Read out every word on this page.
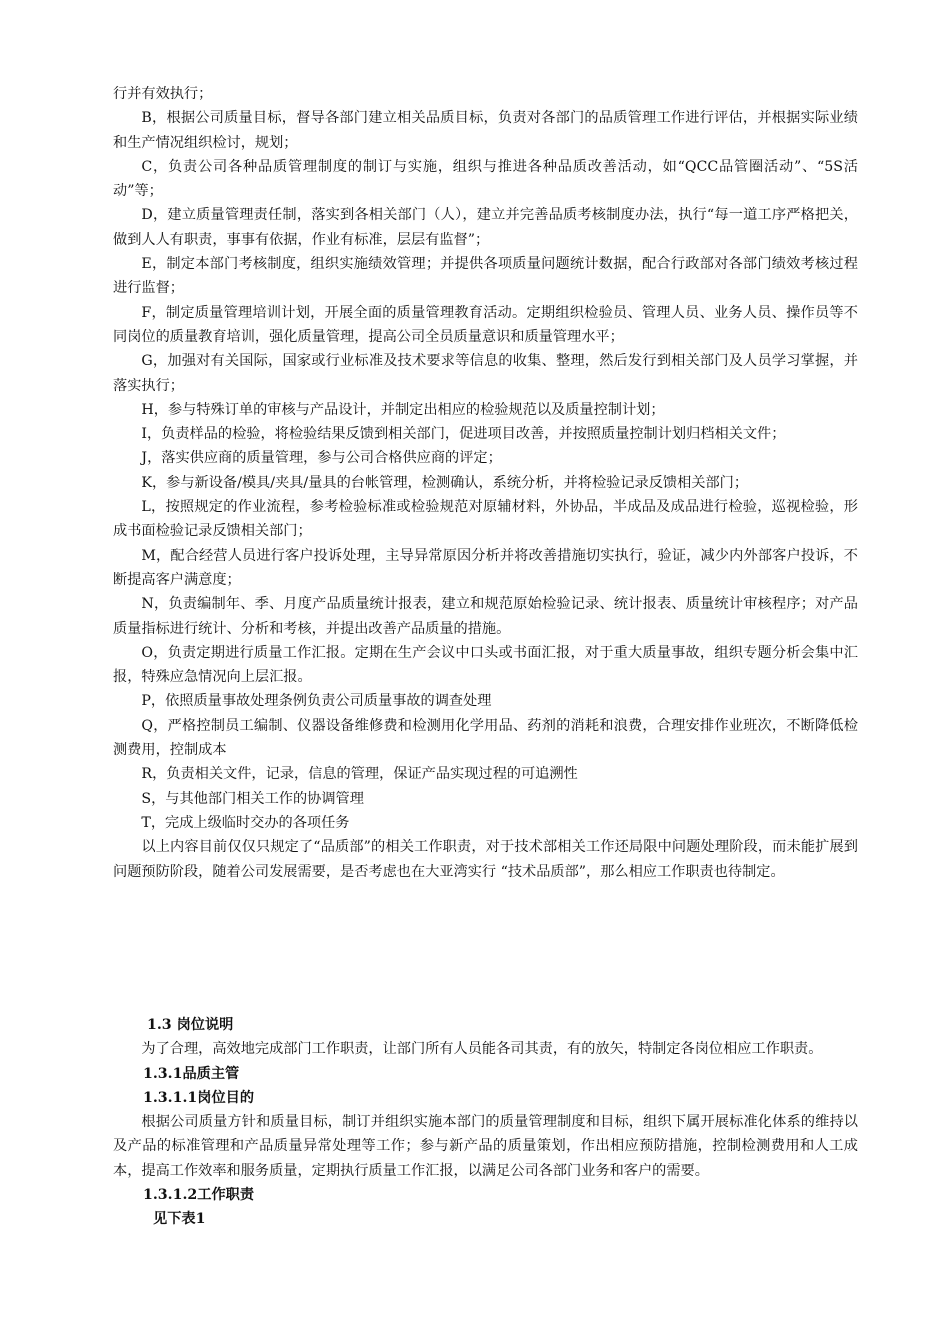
行并有效执行；

B，根据公司质量目标，督导各部门建立相关品质目标，负责对各部门的品质管理工作进行评估，并根据实际业绩和生产情况组织检讨，规划；

C，负责公司各种品质管理制度的制订与实施，组织与推进各种品质改善活动，如“QCC品管圈活动”、“5S活动”等；

D，建立质量管理责任制，落实到各相关部门（人），建立并完善品质考核制度办法，执行“每一道工序严格把关，做到人人有职责，事事有依据，作业有标准，层层有监督”；

E，制定本部门考核制度，组织实施绩效管理；并提供各项质量问题统计数据，配合行政部对各部门绩效考核过程进行监督；

F，制定质量管理培训计划，开展全面的质量管理教育活动。定期组织检验员、管理人员、业务人员、操作员等不同岗位的质量教育培训，强化质量管理，提高公司全员质量意识和质量管理水平；

G，加强对有关国际，国家或行业标准及技术要求等信息的收集、整理，然后发行到相关部门及人员学习掌握，并落实执行；

H，参与特殊订单的审核与产品设计，并制定出相应的检验规范以及质量控制计划；

I，负责样品的检验，将检验结果反馈到相关部门，促进项目改善，并按照质量控制计划归档相关文件；

J，落实供应商的质量管理，参与公司合格供应商的评定；

K，参与新设备/模具/夹具/量具的台帐管理，检测确认，系统分析，并将检验记录反馈相关部门；

L，按照规定的作业流程，参考检验标准或检验规范对原辅材料，外协品，半成品及成品进行检验，巡视检验，形成书面检验记录反馈相关部门；

M，配合经营人员进行客户投诉处理，主导异常原因分析并将改善措施切实执行，验证，减少内外部客户投诉，不断提高客户满意度；

N，负责编制年、季、月度产品质量统计报表，建立和规范原始检验记录、统计报表、质量统计审核程序；对产品质量指标进行统计、分析和考核，并提出改善产品质量的措施。

O，负责定期进行质量工作汇报。定期在生产会议中口头或书面汇报，对于重大质量事故，组织专题分析会集中汇报，特殊应急情况向上层汇报。

P，依照质量事故处理条例负责公司质量事故的调查处理

Q，严格控制员工编制、仪器设备维修费和检测用化学用品、药剂的消耗和浪费，合理安排作业班次，不断降低检测费用，控制成本

R，负责相关文件，记录，信息的管理，保证产品实现过程的可追溯性

S，与其他部门相关工作的协调管理

T，完成上级临时交办的各项任务

以上内容目前仅仅只规定了“品质部”的相关工作职责，对于技术部相关工作还局限中问题处理阶段，而未能扩展到问题预防阶段，随着公司发展需要，是否考虑也在大亚湾实行 “技术品质部”，那么相应工作职责也待制定。

1.3 岗位说明

为了合理，高效地完成部门工作职责，让部门所有人员能各司其责，有的放矢，特制定各岗位相应工作职责。

1.3.1品质主管

1.3.1.1岗位目的

根据公司质量方针和质量目标，制订并组织实施本部门的质量管理制度和目标，组织下属开展标准化体系的维持以及产品的标准管理和产品质量异常处理等工作；参与新产品的质量策划，作出相应预防措施，控制检测费用和人工成本，提高工作效率和服务质量，定期执行质量工作汇报，以满足公司各部门业务和客户的需要。

1.3.1.2工作职责

见下表1
